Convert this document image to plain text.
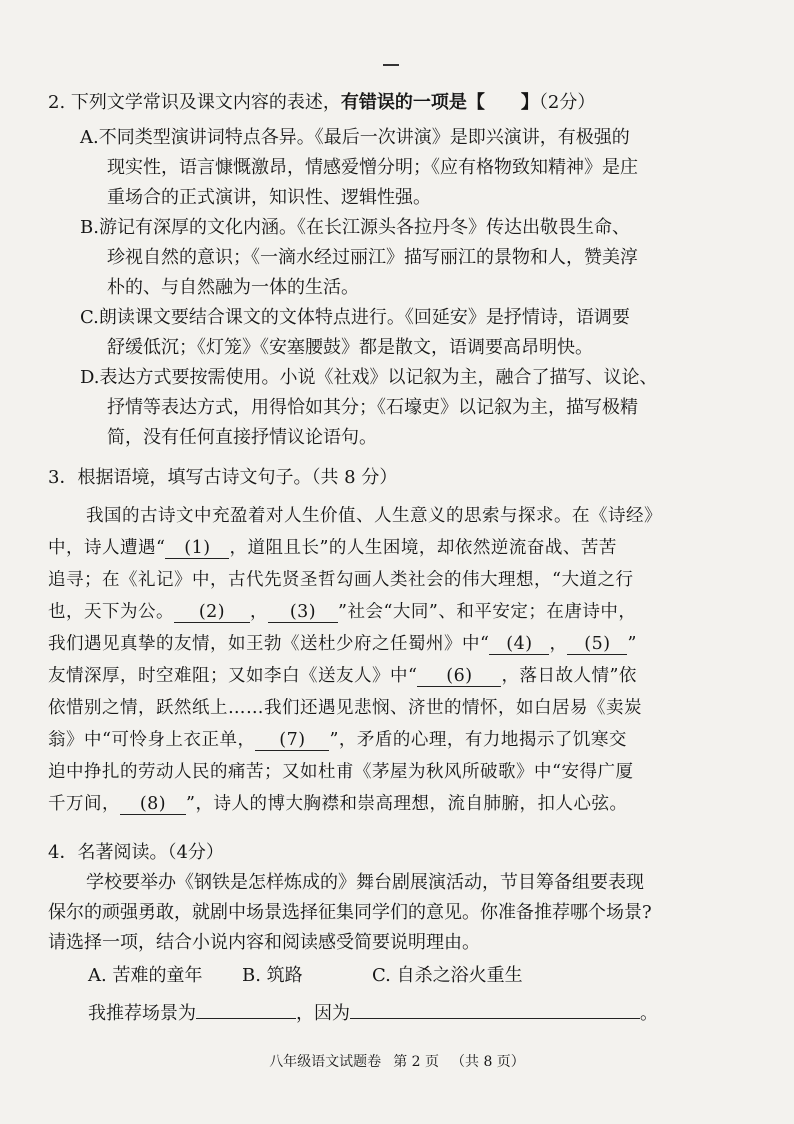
2. 下列文学常识及课文内容的表述，有错误的一项是【 】（2分）
A.不同类型演讲词特点各异。《最后一次讲演》是即兴演讲，有极强的
现实性，语言慷慨激昂，情感爱憎分明；《应有格物致知精神》是庄
重场合的正式演讲，知识性、逻辑性强。
B.游记有深厚的文化内涵。《在长江源头各拉丹冬》传达出敬畏生命、
珍视自然的意识；《一滴水经过丽江》描写丽江的景物和人，赞美淳
朴的、与自然融为一体的生活。
C.朗读课文要结合课文的文体特点进行。《回延安》是抒情诗，语调要
舒缓低沉；《灯笼》《安塞腰鼓》都是散文，语调要高昂明快。
D.表达方式要按需使用。小说《社戏》以记叙为主，融合了描写、议论、
抒情等表达方式，用得恰如其分；《石壕吏》以记叙为主，描写极精
简，没有任何直接抒情议论语句。
3．根据语境，填写古诗文句子。（共 8 分）
我国的古诗文中充盈着对人生价值、人生意义的思索与探求。在《诗经》
中，诗人遭遇“ (1) ，道阻且长”的人生困境，却依然逆流奋战、苦苦
追寻；在《礼记》中，古代先贤圣哲勾画人类社会的伟大理想，“大道之行
也，天下为公。 (2) ， (3) ”社会“大同”、和平安定；在唐诗中，
我们遇见真挚的友情，如王勃《送杜少府之任蜀州》中“ (4) ， (5) ”
友情深厚，时空难阻；又如李白《送友人》中“ (6) ，落日故人情”依
依惜别之情，跃然纸上……我们还遇见悲悯、济世的情怀，如白居易《卖炭
翁》中“可怜身上衣正单， (7) ”，矛盾的心理，有力地揭示了饥寒交
迫中挣扎的劳动人民的痛苦；又如杜甫《茅屋为秋风所破歌》中“安得广厦
千万间， (8) ”，诗人的博大胸襟和崇高理想，流自肺腑，扣人心弦。
4．名著阅读。（4分）
学校要举办《钢铁是怎样炼成的》舞台剧展演活动，节目筹备组要表现
保尔的顽强勇敢，就剧中场景选择征集同学们的意见。你准备推荐哪个场景?
请选择一项，结合小说内容和阅读感受简要说明理由。
A. 苦难的童年 B. 筑路	C. 自杀之浴火重生
我推荐场景为	，因为	。
八年级语文试题卷 第 2 页 （共 8 页）
